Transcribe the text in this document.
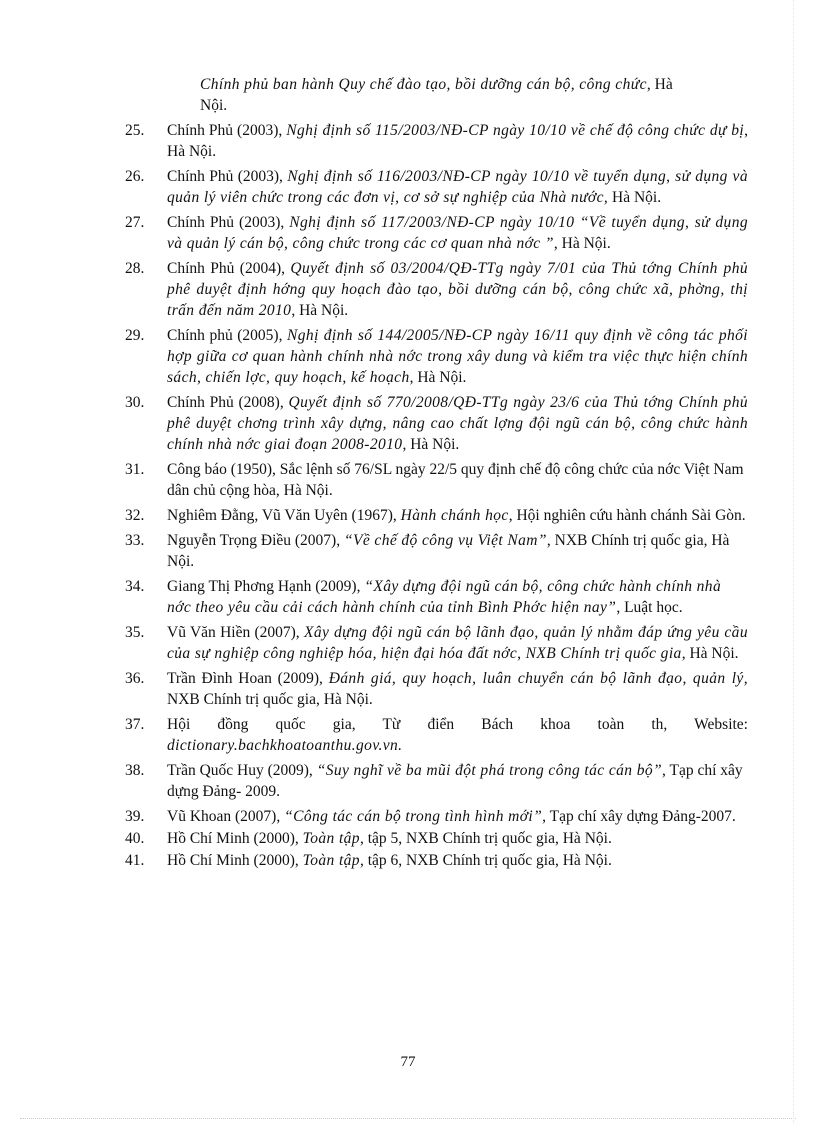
Chính phủ ban hành Quy chế đào tạo, bồi dưỡng cán bộ, công chức, Hà
Nội.
25.	Chính Phủ (2003), Nghị định số 115/2003/NĐ-CP ngày 10/10 về chế độ công chức dự bị, Hà Nội.
26.	Chính Phủ (2003), Nghị định số 116/2003/NĐ-CP ngày 10/10 về tuyển dụng, sử dụng và quản lý viên chức trong các đơn vị, cơ sở sự nghiệp của Nhà nước, Hà Nội.
27.	Chính Phủ (2003), Nghị định số 117/2003/NĐ-CP ngày 10/10 “Về tuyển dụng, sử dụng và quản lý cán bộ, công chức trong các cơ quan nhà nớc ”, Hà Nội.
28.	Chính Phủ (2004), Quyết định số 03/2004/QĐ-TTg ngày 7/01 của Thủ tớng Chính phủ phê duyệt định hớng quy hoạch đào tạo, bồi dưỡng cán bộ, công chức xã, phờng, thị trấn đến năm 2010, Hà Nội.
29.	Chính phủ (2005), Nghị định số 144/2005/NĐ-CP ngày 16/11 quy định về công tác phối hợp giữa cơ quan hành chính nhà nớc trong xây dung và kiểm tra việc thực hiện chính sách, chiến lợc, quy hoạch, kế hoạch, Hà Nội.
30.	Chính Phủ (2008), Quyết định số 770/2008/QĐ-TTg ngày 23/6 của Thủ tớng Chính phủ phê duyệt chơng trình xây dựng, nâng cao chất lợng đội ngũ cán bộ, công chức hành chính nhà nớc giai đoạn 2008-2010, Hà Nội.
31.	Công báo (1950), Sắc lệnh số 76/SL ngày 22/5 quy định chế độ công chức của nớc Việt Nam dân chủ cộng hòa, Hà Nội.
32.	Nghiêm Đằng, Vũ Văn Uyên (1967), Hành chánh học, Hội nghiên cứu hành chánh Sài Gòn.
33.	Nguyễn Trọng Điều (2007), “Về chế độ công vụ Việt Nam”, NXB Chính trị quốc gia, Hà Nội.
34.	Giang Thị Phơng Hạnh (2009), “Xây dựng đội ngũ cán bộ, công chức hành chính nhà nớc theo yêu cầu cải cách hành chính của tỉnh Bình Phớc hiện nay”, Luật học.
35.	Vũ Văn Hiền (2007), Xây dựng đội ngũ cán bộ lãnh đạo, quản lý nhằm đáp ứng yêu cầu của sự nghiệp công nghiệp hóa, hiện đại hóa đất nớc, NXB Chính trị quốc gia, Hà Nội.
36.	Trần Đình Hoan (2009), Đánh giá, quy hoạch, luân chuyển cán bộ lãnh đạo, quản lý, NXB Chính trị quốc gia, Hà Nội.
37.	Hội đồng quốc gia, Từ điển Bách khoa toàn th, Website: dictionary.bachkhoatoanthu.gov.vn.
38.	Trần Quốc Huy (2009), “Suy nghĩ về ba mũi đột phá trong công tác cán bộ”, Tạp chí xây dựng Đảng- 2009.
39.	Vũ Khoan (2007), “Công tác cán bộ trong tình hình mới”, Tạp chí xây dựng Đảng-2007.
40.	Hồ Chí Minh (2000), Toàn tập, tập 5, NXB Chính trị quốc gia, Hà Nội.
41.	Hồ Chí Minh (2000), Toàn tập, tập 6, NXB Chính trị quốc gia, Hà Nội.
77
